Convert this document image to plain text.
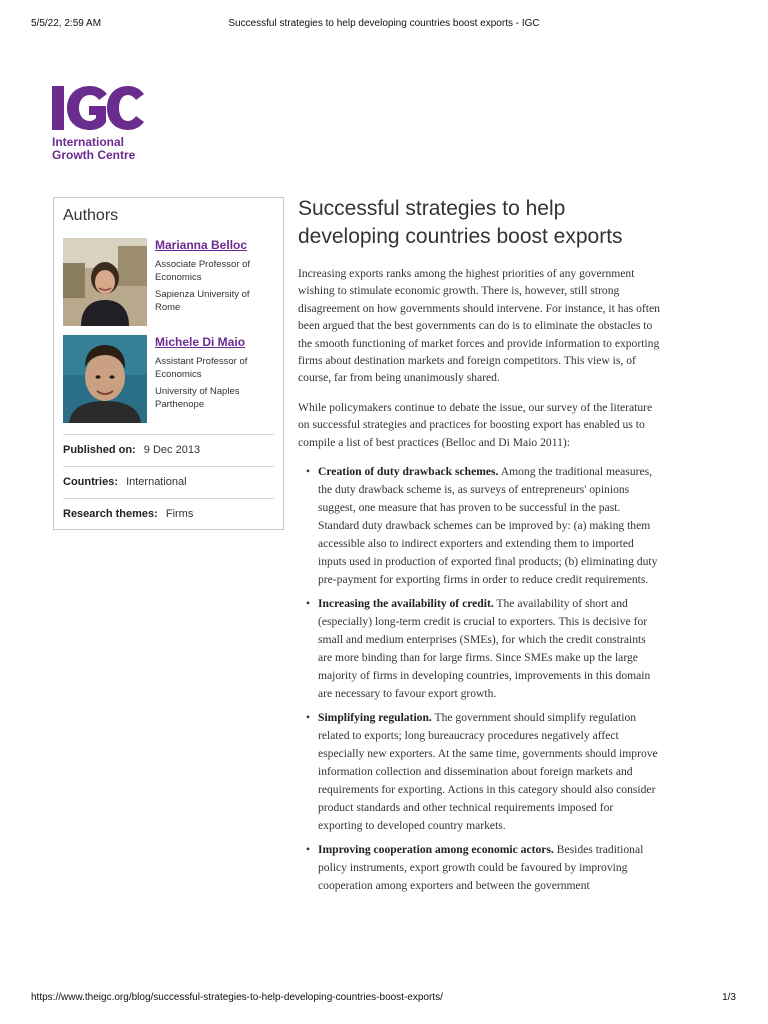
5/5/22, 2:59 AM	Successful strategies to help developing countries boost exports - IGC
International
Growth Centre
Authors
Marianna Belloc
Associate Professor of Economics
Sapienza University of Rome
Michele Di Maio
Assistant Professor of Economics
University of Naples Parthenope
Published on: 9 Dec 2013
Countries: International
Research themes: Firms
Successful strategies to help developing countries boost exports

Increasing exports ranks among the highest priorities of any government wishing to stimulate economic growth. There is, however, still strong disagreement on how governments should intervene. For instance, it has often been argued that the best governments can do is to eliminate the obstacles to the smooth functioning of market forces and provide information to exporting firms about destination markets and foreign competitors. This view is, of course, far from being unanimously shared.

While policymakers continue to debate the issue, our survey of the literature on successful strategies and practices for boosting export has enabled us to compile a list of best practices (Belloc and Di Maio 2011):

• Creation of duty drawback schemes. Among the traditional measures, the duty drawback scheme is, as surveys of entrepreneurs' opinions suggest, one measure that has proven to be successful in the past. Standard duty drawback schemes can be improved by: (a) making them accessible also to indirect exporters and extending them to imported inputs used in production of exported final products; (b) eliminating duty pre-payment for exporting firms in order to reduce credit requirements.
• Increasing the availability of credit. The availability of short and (especially) long-term credit is crucial to exporters. This is decisive for small and medium enterprises (SMEs), for which the credit constraints are more binding than for large firms. Since SMEs make up the large majority of firms in developing countries, improvements in this domain are necessary to favour export growth.
• Simplifying regulation. The government should simplify regulation related to exports; long bureaucracy procedures negatively affect especially new exporters. At the same time, governments should improve information collection and dissemination about foreign markets and requirements for exporting. Actions in this category should also consider product standards and other technical requirements imposed for exporting to developed country markets.
• Improving cooperation among economic actors. Besides traditional policy instruments, export growth could be favoured by improving cooperation among exporters and between the government
https://www.theigc.org/blog/successful-strategies-to-help-developing-countries-boost-exports/	1/3
